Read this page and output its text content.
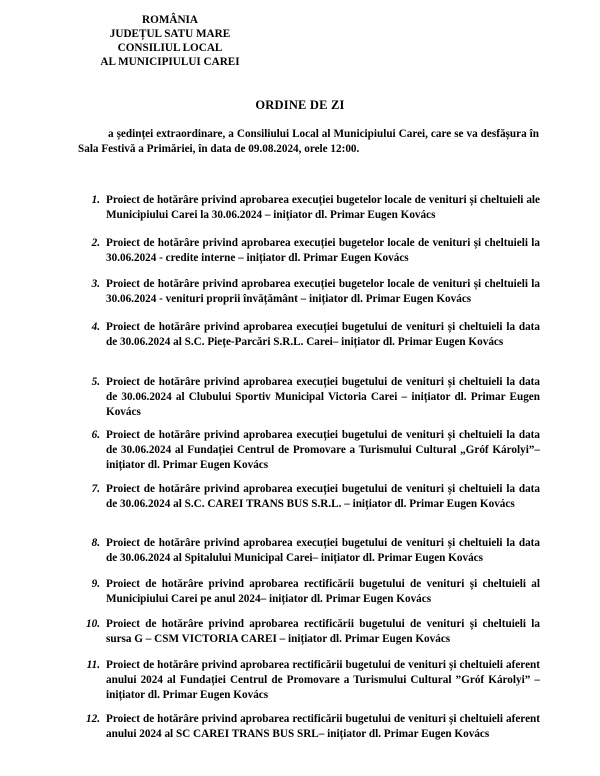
ROMÂNIA
JUDEȚUL SATU MARE
CONSILIUL LOCAL
AL MUNICIPIULUI CAREI
ORDINE DE ZI
a ședinței extraordinare, a Consiliului Local al Municipiului Carei, care se va desfășura în Sala Festivă a Primăriei, în data de 09.08.2024, orele 12:00.
1. Proiect de hotărâre privind aprobarea execuției bugetelor locale de venituri și cheltuieli ale Municipiului Carei la 30.06.2024 – inițiator dl. Primar Eugen Kovács
2. Proiect de hotărâre privind aprobarea execuției bugetelor locale de venituri și cheltuieli la 30.06.2024 - credite interne – inițiator dl. Primar Eugen Kovács
3. Proiect de hotărâre privind aprobarea execuției bugetelor locale de venituri și cheltuieli la 30.06.2024 - venituri proprii învățământ – inițiator dl. Primar Eugen Kovács
4. Proiect de hotărâre privind aprobarea execuției bugetului de venituri și cheltuieli la data de 30.06.2024 al S.C. Piețe-Parcări S.R.L. Carei– inițiator dl. Primar Eugen Kovács
5. Proiect de hotărâre privind aprobarea execuției bugetului de venituri și cheltuieli la data de 30.06.2024 al Clubului Sportiv Municipal Victoria Carei – inițiator dl. Primar Eugen Kovács
6. Proiect de hotărâre privind aprobarea execuției bugetului de venituri și cheltuieli la data de 30.06.2024 al Fundației Centrul de Promovare a Turismului Cultural „Gróf Károlyi”– inițiator dl. Primar Eugen Kovács
7. Proiect de hotărâre privind aprobarea execuției bugetului de venituri și cheltuieli la data de 30.06.2024 al S.C. CAREI TRANS BUS S.R.L. – inițiator dl. Primar Eugen Kovács
8. Proiect de hotărâre privind aprobarea execuției bugetului de venituri și cheltuieli la data de 30.06.2024 al Spitalului Municipal Carei– inițiator dl. Primar Eugen Kovács
9. Proiect de hotărâre privind aprobarea rectificării bugetului de venituri și cheltuieli al Municipiului Carei pe anul 2024– inițiator dl. Primar Eugen Kovács
10. Proiect de hotărâre privind aprobarea rectificării bugetului de venituri și cheltuieli la sursa G – CSM VICTORIA CAREI – inițiator dl. Primar Eugen Kovács
11. Proiect de hotărâre privind aprobarea rectificării bugetului de venituri și cheltuieli aferent anului 2024 al Fundației Centrul de Promovare a Turismului Cultural ”Gróf Károlyi” – inițiator dl. Primar Eugen Kovács
12. Proiect de hotărâre privind aprobarea rectificării bugetului de venituri și cheltuieli aferent anului 2024 al SC CAREI TRANS BUS SRL– inițiator dl. Primar Eugen Kovács
